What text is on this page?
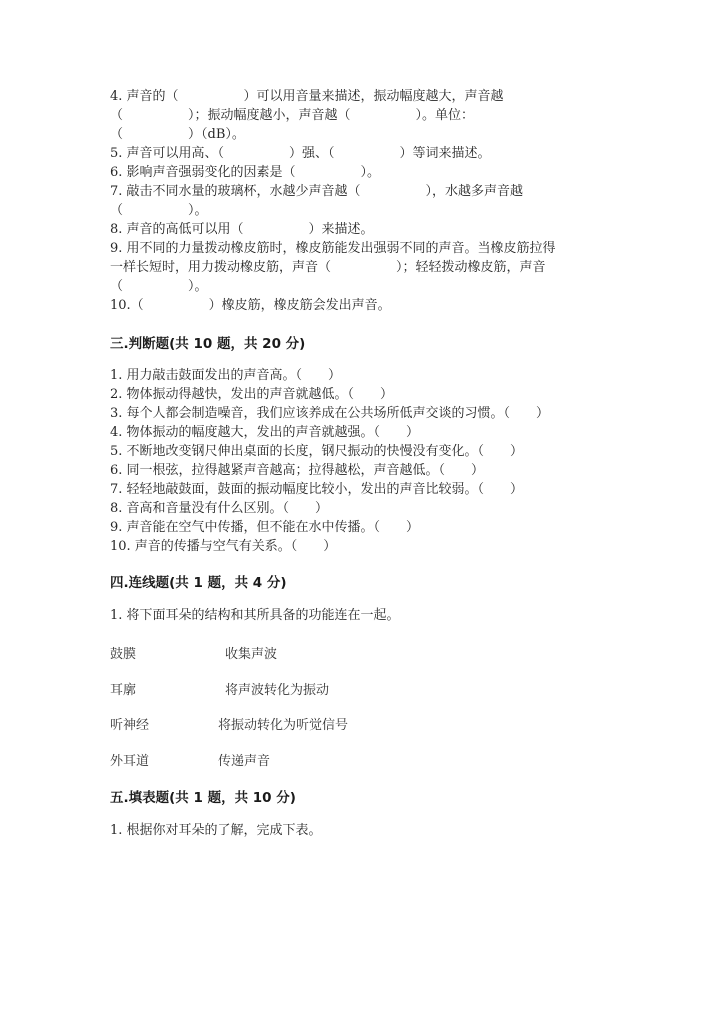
4. 声音的（　　　　　）可以用音量来描述，振动幅度越大，声音越
（　　　　　）；振动幅度越小，声音越（　　　　　）。单位：
（　　　　　）（dB）。
5. 声音可以用高、（　　　　　）强、（　　　　　）等词来描述。
6. 影响声音强弱变化的因素是（　　　　　）。
7. 敲击不同水量的玻璃杯，水越少声音越（　　　　　），水越多声音越
（　　　　　）。
8. 声音的高低可以用（　　　　　）来描述。
9. 用不同的力量拨动橡皮筋时，橡皮筋能发出强弱不同的声音。当橡皮筋拉得
一样长短时，用力拨动橡皮筋，声音（　　　　　）；轻轻拨动橡皮筋，声音
（　　　　　）。
10.（　　　　　）橡皮筋，橡皮筋会发出声音。
三.判断题(共 10 题，共 20 分)
1. 用力敲击鼓面发出的声音高。（　　）
2. 物体振动得越快，发出的声音就越低。（　　）
3. 每个人都会制造噪音，我们应该养成在公共场所低声交谈的习惯。（　　）
4. 物体振动的幅度越大，发出的声音就越强。（　　）
5. 不断地改变钢尺伸出桌面的长度，钢尺振动的快慢没有变化。（　　）
6. 同一根弦，拉得越紧声音越高；拉得越松，声音越低。（　　）
7. 轻轻地敲鼓面，鼓面的振动幅度比较小，发出的声音比较弱。（　　）
8. 音高和音量没有什么区别。（　　）
9. 声音能在空气中传播，但不能在水中传播。（　　）
10. 声音的传播与空气有关系。（　　）
四.连线题(共 1 题，共 4 分)
1. 将下面耳朵的结构和其所具备的功能连在一起。
鼓膜	收集声波
耳廓	将声波转化为振动
听神经	将振动转化为听觉信号
外耳道	传递声音
五.填表题(共 1 题，共 10 分)
1. 根据你对耳朵的了解，完成下表。
